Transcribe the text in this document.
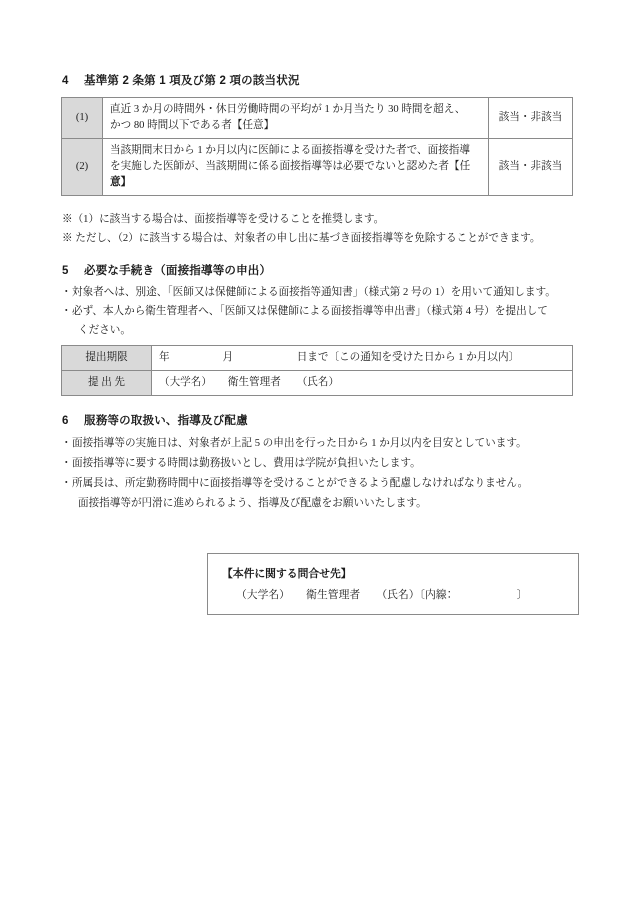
4 基準第 2 条第 1 項及び第 2 項の該当状況
(1)	直近 3 か月の時間外・休日労働時間の平均が 1 か月当たり 30 時間を超え、
かつ 80 時間以下である者【任意】	該当・非該当
(2)	当該期間末日から 1 か月以内に医師による面接指導を受けた者で、面接指導
を実施した医師が、当該期間に係る面接指導等は必要でないと認めた者【任
意】	該当・非該当
※（1）に該当する場合は、面接指導等を受けることを推奨します。
※ ただし、（2）に該当する場合は、対象者の申し出に基づき面接指導等を免除することができます。
5 必要な手続き（面接指導等の申出）
・対象者へは、別途、「医師又は保健師による面接指等通知書」（様式第 2 号の 1）を用いて通知します。
・必ず、本人から衛生管理者へ、「医師又は保健師による面接指導等申出書」（様式第 4 号）を提出して
ください。
提出期限	年　　　　　月　　　　　　日まで〔この通知を受けた日から 1 か月以内〕
提 出 先	（大学名）　　衛生管理者　　（氏名）
6 服務等の取扱い、指導及び配慮
・面接指導等の実施日は、対象者が上記 5 の申出を行った日から 1 か月以内を目安としています。
・面接指導等に要する時間は勤務扱いとし、費用は学院が負担いたします。
・所属長は、所定勤務時間中に面接指導等を受けることができるよう配慮しなければなりません。
面接指導等が円滑に進められるよう、指導及び配慮をお願いいたします。
【本件に関する問合せ先】
（大学名）　　衛生管理者　　（氏名）〔内線：　　　　　　〕
